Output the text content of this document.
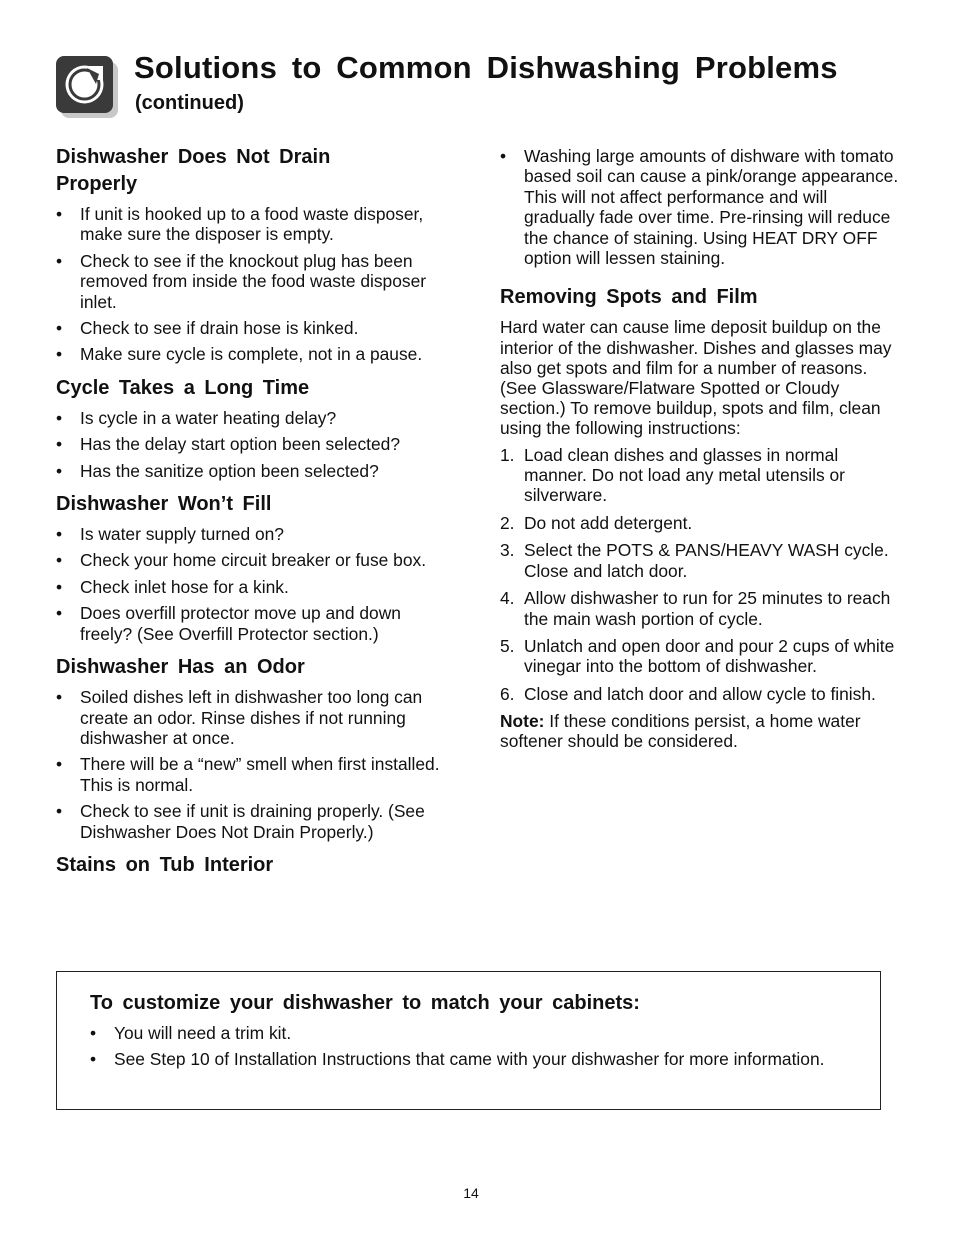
Solutions to Common Dishwashing Problems
(continued)
Dishwasher Does Not Drain Properly
• If unit is hooked up to a food waste disposer, make sure the disposer is empty.
• Check to see if the knockout plug has been removed from inside the food waste disposer inlet.
• Check to see if drain hose is kinked.
• Make sure cycle is complete, not in a pause.
Cycle Takes a Long Time
• Is cycle in a water heating delay?
• Has the delay start option been selected?
• Has the sanitize option been selected?
Dishwasher Won’t Fill
• Is water supply turned on?
• Check your home circuit breaker or fuse box.
• Check inlet hose for a kink.
• Does overfill protector move up and down freely? (See Overfill Protector section.)
Dishwasher Has an Odor
• Soiled dishes left in dishwasher too long can create an odor. Rinse dishes if not running dishwasher at once.
• There will be a “new” smell when first installed. This is normal.
• Check to see if unit is draining properly. (See Dishwasher Does Not Drain Properly.)
Stains on Tub Interior
• Washing large amounts of dishware with tomato based soil can cause a pink/orange appearance. This will not affect performance and will gradually fade over time. Pre-rinsing will reduce the chance of staining. Using HEAT DRY OFF option will lessen staining.
Removing Spots and Film

Hard water can cause lime deposit buildup on the interior of the dishwasher. Dishes and glasses may also get spots and film for a number of reasons. (See Glassware/Flatware Spotted or Cloudy section.) To remove buildup, spots and film, clean using the following instructions:

1. Load clean dishes and glasses in normal manner. Do not load any metal utensils or silverware.
2. Do not add detergent.
3. Select the POTS & PANS/HEAVY WASH cycle. Close and latch door.
4. Allow dishwasher to run for 25 minutes to reach the main wash portion of cycle.
5. Unlatch and open door and pour 2 cups of white vinegar into the bottom of dishwasher.
6. Close and latch door and allow cycle to finish.

Note: If these conditions persist, a home water softener should be considered.

To customize your dishwasher to match your cabinets:
• You will need a trim kit.
• See Step 10 of Installation Instructions that came with your dishwasher for more information.
14
